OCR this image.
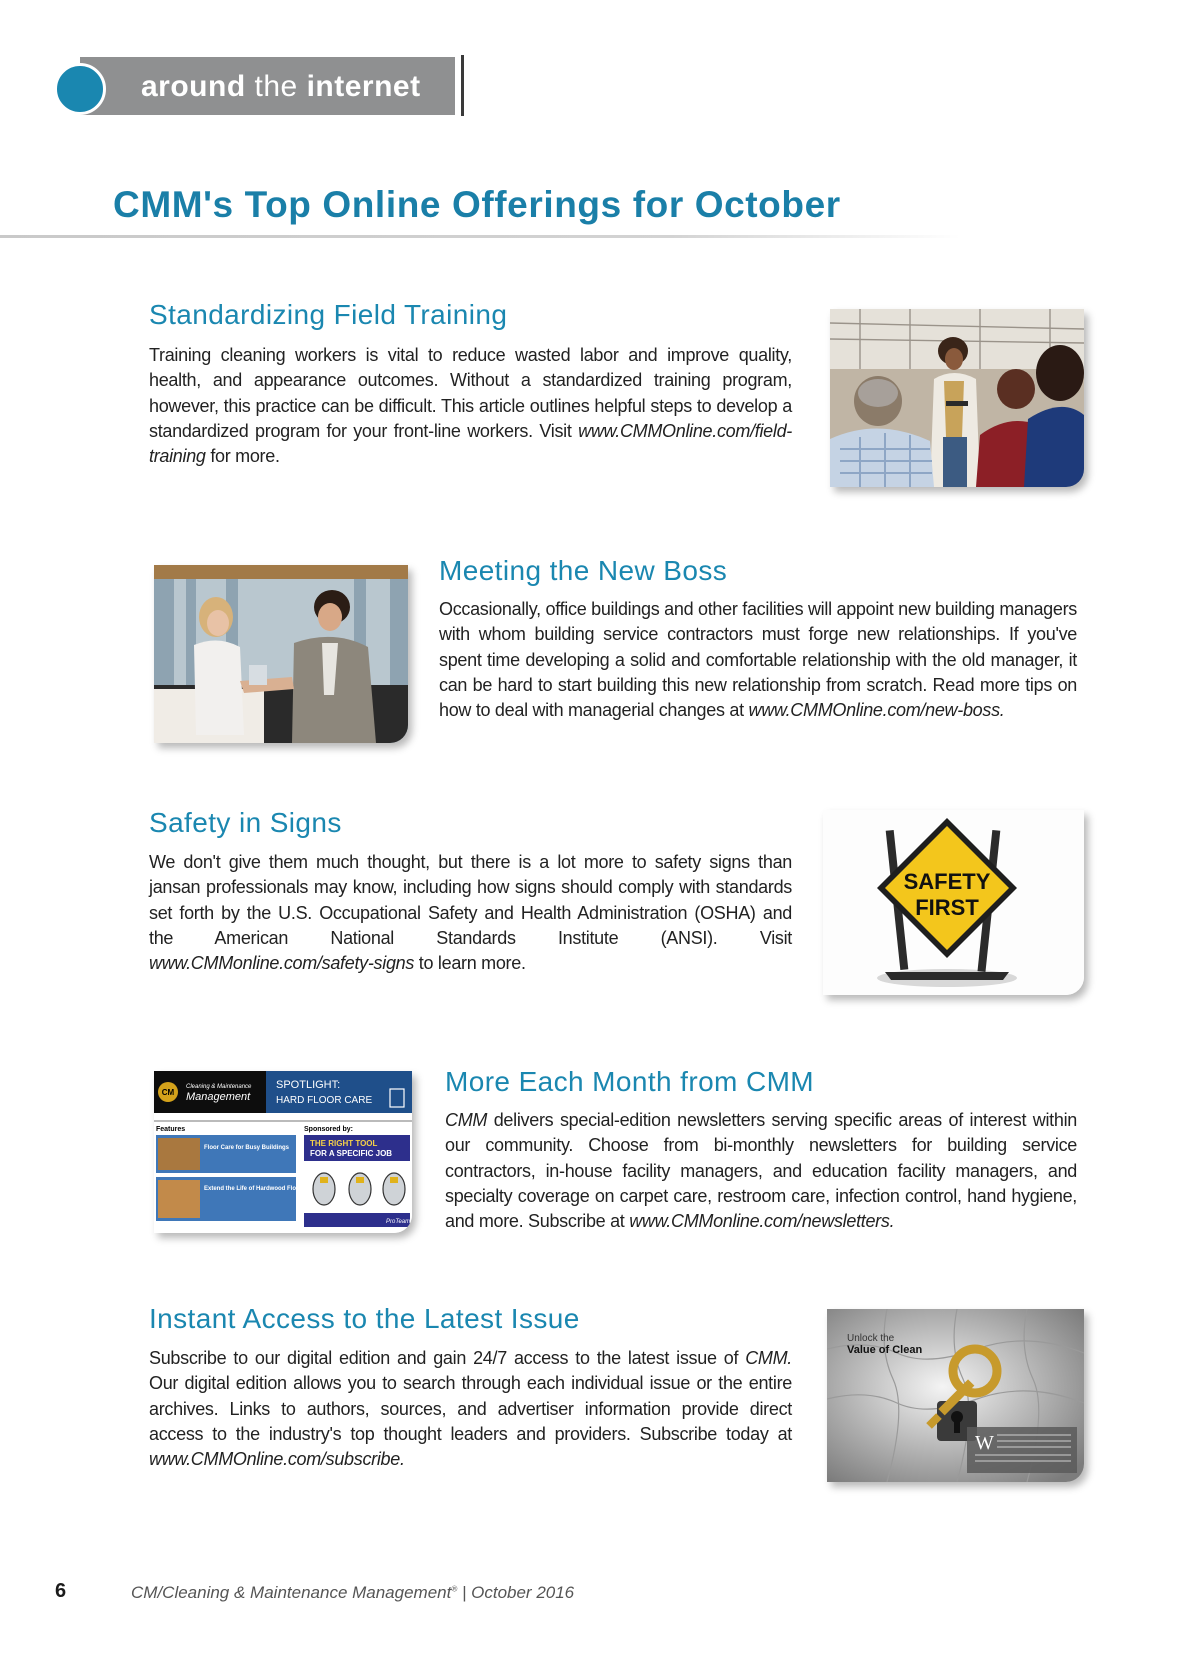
around the internet
CMM's Top Online Offerings for October
Standardizing Field Training

Training cleaning workers is vital to reduce wasted labor and improve quality, health, and appearance outcomes. Without a standardized training program, however, this practice can be difficult. This article outlines helpful steps to develop a standardized program for your front-line workers. Visit www.CMMOnline.com/field-training for more.

Meeting the New Boss

Occasionally, office buildings and other facilities will appoint new building managers with whom building service contractors must forge new relationships. If you've spent time developing a solid and comfortable relationship with the old manager, it can be hard to start building this new relationship from scratch. Read more tips on how to deal with managerial changes at www.CMMOnline.com/new-boss.

Safety in Signs

We don't give them much thought, but there is a lot more to safety signs than jansan professionals may know, including how signs should comply with standards set forth by the U.S. Occupational Safety and Health Administration (OSHA) and the American National Standards Institute (ANSI). Visit www.CMMonline.com/safety-signs to learn more.

SAFETY
FIRST
CM
Cleaning & Maintenance
Management
SPOTLIGHT:
HARD FLOOR CARE
Features	Sponsored by:
Floor Care for Busy Buildings
Extend the Life of Hardwood Floors
THE RIGHT TOOL
FOR A SPECIFIC JOB
ProTeam
More Each Month from CMM

CMM delivers special-edition newsletters serving specific areas of interest within our community. Choose from bi-monthly newsletters for building service contractors, in-house facility managers, and education facility managers, and specialty coverage on carpet care, restroom care, infection control, hand hygiene, and more. Subscribe at www.CMMonline.com/newsletters.

Instant Access to the Latest Issue

Subscribe to our digital edition and gain 24/7 access to the latest issue of CMM. Our digital edition allows you to search through each individual issue or the entire archives. Links to authors, sources, and advertiser information provide direct access to the industry's top thought leaders and providers. Subscribe today at www.CMMOnline.com/subscribe.

Unlock the
Value of Clean
W
6	CM/Cleaning & Maintenance Management® | October 2016
